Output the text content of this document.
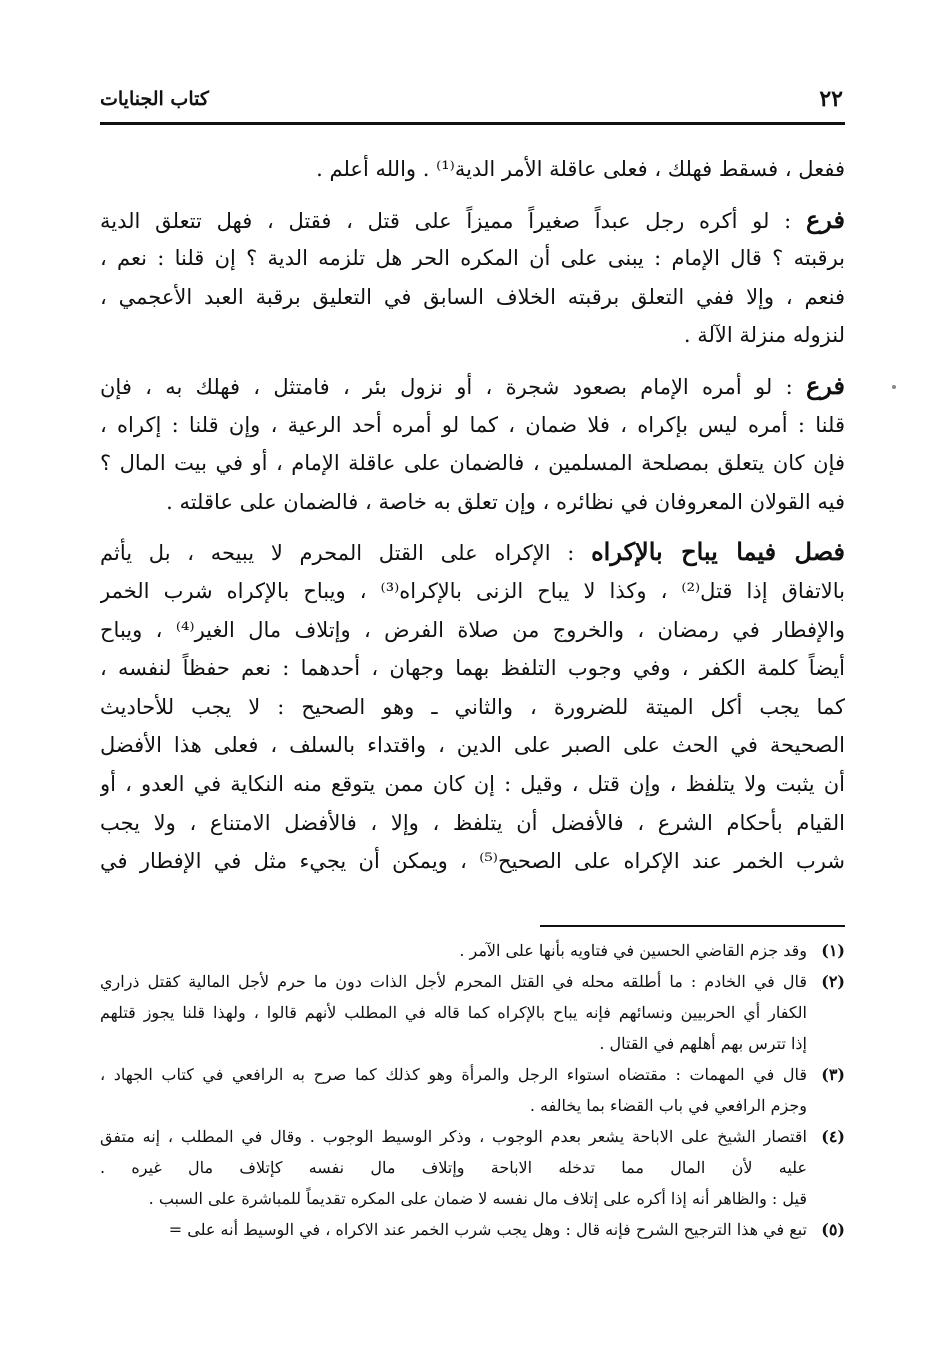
٢٢
كتاب الجنايات
ففعل ، فسقط فهلك ، فعلى عاقلة الأمر الدية⁽¹⁾ . والله أعلم .
فرع : لو أكره رجل عبداً صغيراً مميزاً على قتل ، فقتل ، فهل تتعلق الدية
برقبته ؟ قال الإمام : يبنى على أن المكره الحر هل تلزمه الدية ؟ إن قلنا : نعم ،
فنعم ، وإلا ففي التعلق برقبته الخلاف السابق في التعليق برقبة العبد الأعجمي ،
لنزوله منزلة الآلة .
فرع : لو أمره الإمام بصعود شجرة ، أو نزول بئر ، فامتثل ، فهلك به ، فإن
قلنا : أمره ليس بإكراه ، فلا ضمان ، كما لو أمره أحد الرعية ، وإن قلنا : إكراه ،
فإن كان يتعلق بمصلحة المسلمين ، فالضمان على عاقلة الإمام ، أو في بيت المال ؟
فيه القولان المعروفان في نظائره ، وإن تعلق به خاصة ، فالضمان على عاقلته .
فصل فيما يباح بالإكراه : الإكراه على القتل المحرم لا يبيحه ، بل يأثم
بالاتفاق إذا قتل⁽²⁾ ، وكذا لا يباح الزنى بالإكراه⁽³⁾ ، ويباح بالإكراه شرب الخمر
والإفطار في رمضان ، والخروج من صلاة الفرض ، وإتلاف مال الغير⁽⁴⁾ ، ويباح
أيضاً كلمة الكفر ، وفي وجوب التلفظ بهما وجهان ، أحدهما : نعم حفظاً لنفسه ،
كما يجب أكل الميتة للضرورة ، والثاني ـ وهو الصحيح : لا يجب للأحاديث
الصحيحة في الحث على الصبر على الدين ، واقتداء بالسلف ، فعلى هذا الأفضل
أن يثبت ولا يتلفظ ، وإن قتل ، وقيل : إن كان ممن يتوقع منه النكاية في العدو ، أو
القيام بأحكام الشرع ، فالأفضل أن يتلفظ ، وإلا ، فالأفضل الامتناع ، ولا يجب
شرب الخمر عند الإكراه على الصحيح⁽⁵⁾ ، ويمكن أن يجيء مثل في الإفطار في
(١)
وقد جزم القاضي الحسين في فتاويه بأنها على الآمر .
(٢)
قال في الخادم : ما أطلقه محله في القتل المحرم لأجل الذات دون ما حرم لأجل المالية كقتل ذراري
الكفار أي الحربيين ونسائهم فإنه يباح بالإكراه كما قاله في المطلب لأنهم قالوا ، ولهذا قلنا يجوز قتلهم
إذا تترس بهم أهلهم في القتال .
(٣)
قال في المهمات : مقتضاه استواء الرجل والمرأة وهو كذلك كما صرح به الرافعي في كتاب الجهاد ،
وجزم الرافعي في باب القضاء بما يخالفه .
(٤)
اقتصار الشيخ على الاباحة يشعر بعدم الوجوب ، وذكر الوسيط الوجوب . وقال في المطلب ، إنه متفق
عليه لأن المال مما تدخله الاباحة وإتلاف مال نفسه كإتلاف مال غيره .
قيل : والظاهر أنه إذا أكره على إتلاف مال نفسه لا ضمان على المكره تقديماً للمباشرة على السبب .
(٥)
تبع في هذا الترجيح الشرح فإنه قال : وهل يجب شرب الخمر عند الاكراه ، في الوسيط أنه على =
